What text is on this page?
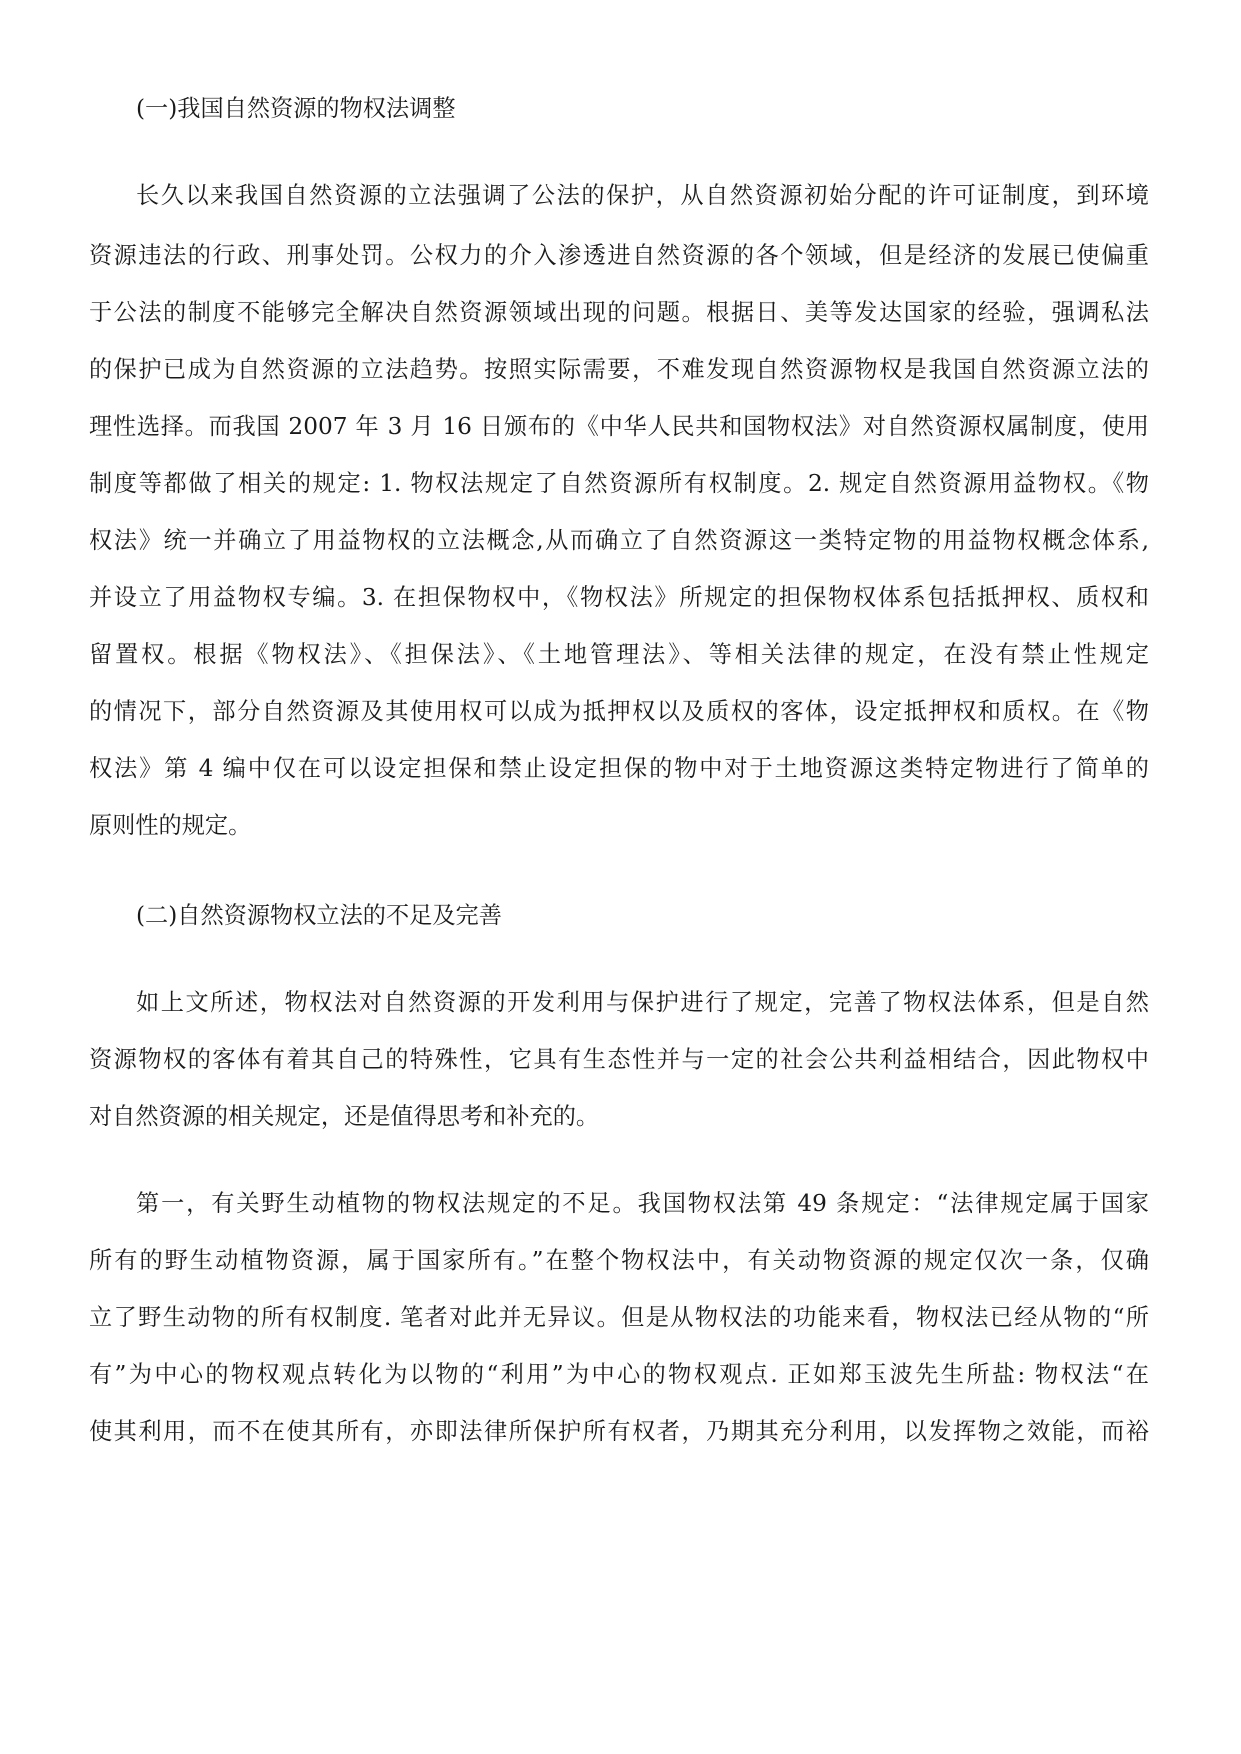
(一)我国自然资源的物权法调整
长久以来我国自然资源的立法强调了公法的保护，从自然资源初始分配的许可证制度，到环境
资源违法的行政、刑事处罚。公权力的介入渗透进自然资源的各个领域，但是经济的发展已使偏重
于公法的制度不能够完全解决自然资源领域出现的问题。根据日、美等发达国家的经验，强调私法
的保护已成为自然资源的立法趋势。按照实际需要，不难发现自然资源物权是我国自然资源立法的
理性选择。而我国 2007 年 3 月 16 日颁布的《中华人民共和国物权法》对自然资源权属制度，使用
制度等都做了相关的规定: 1. 物权法规定了自然资源所有权制度。2. 规定自然资源用益物权。《物
权法》统一并确立了用益物权的立法概念,从而确立了自然资源这一类特定物的用益物权概念体系,
并设立了用益物权专编。3. 在担保物权中，《物权法》所规定的担保物权体系包括抵押权、质权和
留置权。根据《物权法》、《担保法》、《土地管理法》、等相关法律的规定，在没有禁止性规定
的情况下，部分自然资源及其使用权可以成为抵押权以及质权的客体，设定抵押权和质权。在《物
权法》第 4 编中仅在可以设定担保和禁止设定担保的物中对于土地资源这类特定物进行了简单的
原则性的规定。
(二)自然资源物权立法的不足及完善
如上文所述，物权法对自然资源的开发利用与保护进行了规定，完善了物权法体系，但是自然
资源物权的客体有着其自己的特殊性，它具有生态性并与一定的社会公共利益相结合，因此物权中
对自然资源的相关规定，还是值得思考和补充的。
第一，有关野生动植物的物权法规定的不足。我国物权法第 49 条规定：“法律规定属于国家
所有的野生动植物资源，属于国家所有。”在整个物权法中，有关动物资源的规定仅次一条，仅确
立了野生动物的所有权制度. 笔者对此并无异议。但是从物权法的功能来看，物权法已经从物的“所
有”为中心的物权观点转化为以物的“利用”为中心的物权观点. 正如郑玉波先生所盐: 物权法“在
使其利用，而不在使其所有，亦即法律所保护所有权者，乃期其充分利用，以发挥物之效能，而裕
